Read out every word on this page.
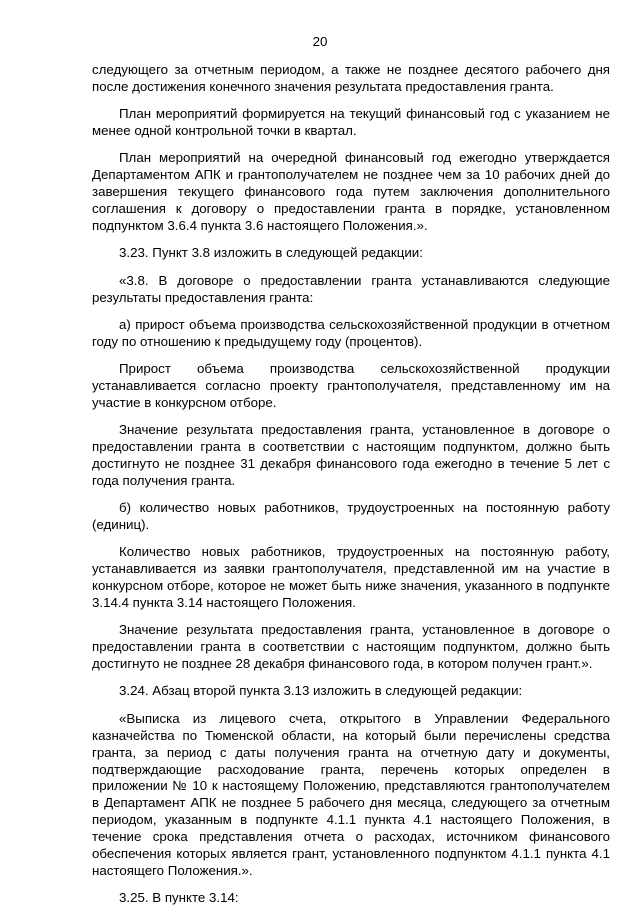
20

следующего за отчетным периодом, а также не позднее десятого рабочего дня после достижения конечного значения результата предоставления гранта.

План мероприятий формируется на текущий финансовый год с указанием не менее одной контрольной точки в квартал.

План мероприятий на очередной финансовый год ежегодно утверждается Департаментом АПК и грантополучателем не позднее чем за 10 рабочих дней до завершения текущего финансового года путем заключения дополнительного соглашения к договору о предоставлении гранта в порядке, установленном подпунктом 3.6.4 пункта 3.6 настоящего Положения.».

3.23. Пункт 3.8 изложить в следующей редакции:

«3.8. В договоре о предоставлении гранта устанавливаются следующие результаты предоставления гранта:

а) прирост объема производства сельскохозяйственной продукции в отчетном году по отношению к предыдущему году (процентов).

Прирост объема производства сельскохозяйственной продукции устанавливается согласно проекту грантополучателя, представленному им на участие в конкурсном отборе.

Значение результата предоставления гранта, установленное в договоре о предоставлении гранта в соответствии с настоящим подпунктом, должно быть достигнуто не позднее 31 декабря финансового года ежегодно в течение 5 лет с года получения гранта.

б) количество новых работников, трудоустроенных на постоянную работу (единиц).

Количество новых работников, трудоустроенных на постоянную работу, устанавливается из заявки грантополучателя, представленной им на участие в конкурсном отборе, которое не может быть ниже значения, указанного в подпункте 3.14.4 пункта 3.14 настоящего Положения.

Значение результата предоставления гранта, установленное в договоре о предоставлении гранта в соответствии с настоящим подпунктом, должно быть достигнуто не позднее 28 декабря финансового года, в котором получен грант.».

3.24. Абзац второй пункта 3.13 изложить в следующей редакции:

«Выписка из лицевого счета, открытого в Управлении Федерального казначейства по Тюменской области, на который были перечислены средства гранта, за период с даты получения гранта на отчетную дату и документы, подтверждающие расходование гранта, перечень которых определен в приложении № 10 к настоящему Положению, представляются грантополучателем в Департамент АПК не позднее 5 рабочего дня месяца, следующего за отчетным периодом, указанным в подпункте 4.1.1 пункта 4.1 настоящего Положения, в течение срока представления отчета о расходах, источником финансового обеспечения которых является грант, установленного подпунктом 4.1.1 пункта 4.1 настоящего Положения.».

3.25. В пункте 3.14:
